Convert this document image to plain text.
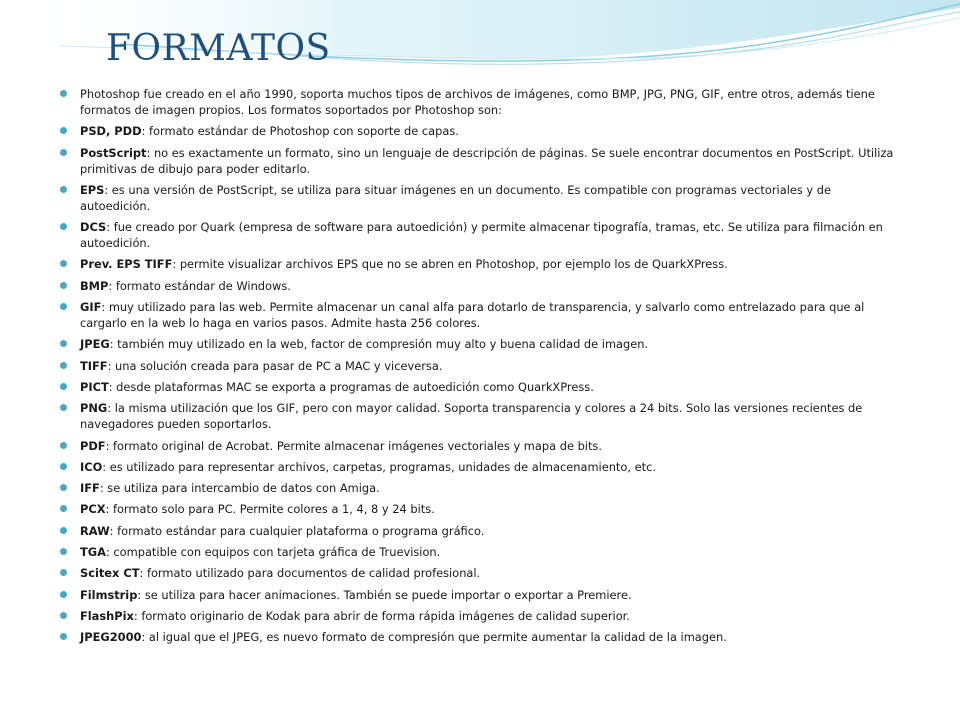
FORMATOS
Photoshop fue creado en el año 1990, soporta muchos tipos de archivos de imágenes, como BMP, JPG, PNG, GIF, entre otros, además tiene formatos de imagen propios. Los formatos soportados por Photoshop son:
PSD, PDD: formato estándar de Photoshop con soporte de capas.
PostScript: no es exactamente un formato, sino un lenguaje de descripción de páginas. Se suele encontrar documentos en PostScript. Utiliza primitivas de dibujo para poder editarlo.
EPS: es una versión de PostScript, se utiliza para situar imágenes en un documento. Es compatible con programas vectoriales y de autoedición.
DCS: fue creado por Quark (empresa de software para autoedición) y permite almacenar tipografía, tramas, etc. Se utiliza para filmación en autoedición.
Prev. EPS TIFF: permite visualizar archivos EPS que no se abren en Photoshop, por ejemplo los de QuarkXPress.
BMP: formato estándar de Windows.
GIF: muy utilizado para las web. Permite almacenar un canal alfa para dotarlo de transparencia, y salvarlo como entrelazado para que al cargarlo en la web lo haga en varios pasos. Admite hasta 256 colores.
JPEG: también muy utilizado en la web, factor de compresión muy alto y buena calidad de imagen.
TIFF: una solución creada para pasar de PC a MAC y viceversa.
PICT: desde plataformas MAC se exporta a programas de autoedición como QuarkXPress.
PNG: la misma utilización que los GIF, pero con mayor calidad. Soporta transparencia y colores a 24 bits. Solo las versiones recientes de navegadores pueden soportarlos.
PDF: formato original de Acrobat. Permite almacenar imágenes vectoriales y mapa de bits.
ICO: es utilizado para representar archivos, carpetas, programas, unidades de almacenamiento, etc.
IFF: se utiliza para intercambio de datos con Amiga.
PCX: formato solo para PC. Permite colores a 1, 4, 8 y 24 bits.
RAW: formato estándar para cualquier plataforma o programa gráfico.
TGA: compatible con equipos con tarjeta gráfica de Truevision.
Scitex CT: formato utilizado para documentos de calidad profesional.
Filmstrip: se utiliza para hacer animaciones. También se puede importar o exportar a Premiere.
FlashPix: formato originario de Kodak para abrir de forma rápida imágenes de calidad superior.
JPEG2000: al igual que el JPEG, es nuevo formato de compresión que permite aumentar la calidad de la imagen.
